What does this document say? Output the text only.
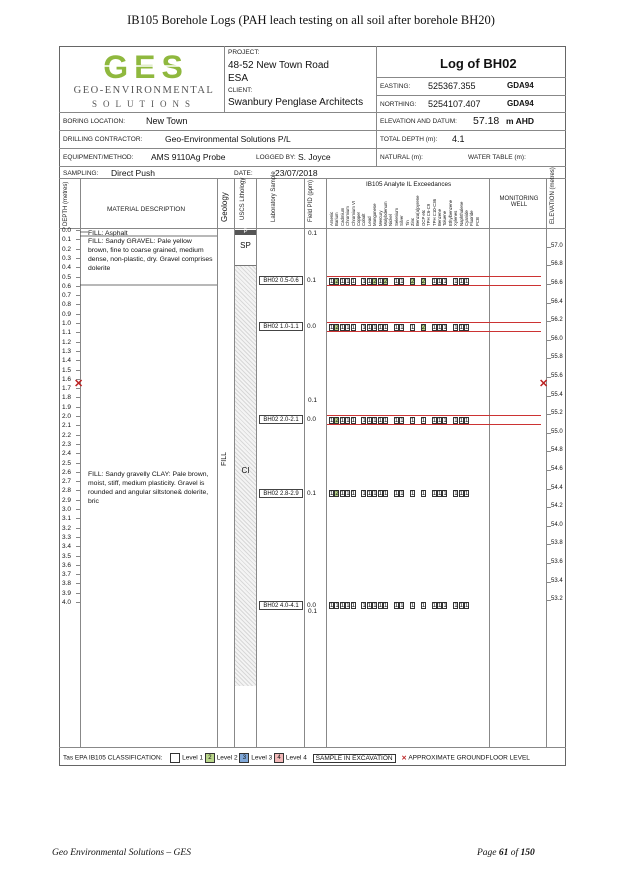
IB105 Borehole Logs (PAH leach testing on all soil after borehole BH20)
GES
GEO-ENVIRONMENTAL
SOLUTIONS
PROJECT:
48-52 New Town Road
ESA
CLIENT:
Swanbury Penglase Architects
Log of BH02
EASTING: 525367.355	GDA94
NORTHING: 5254107.407	GDA94
BORING LOCATION: New Town	ELEVATION AND DATUM: 57.18 m AHD
DRILLING CONTRACTOR:	Geo-Environmental Solutions P/L	TOTAL DEPTH (m): 4.1
EQUIPMENT/METHOD: AMS 9110Ag Probe	LOGGED BY: S. Joyce	NATURAL (m):	WATER TABLE (m):
SAMPLING: Direct Push	DATE:	23/07/2018
DEPTH (metres)	MATERIAL DESCRIPTION	Geology USCS Lithology	Laboratory Sample	Field PID (ppm)	IB105 Analyte IL Exceedances
MONITORING WELL	ELEVATION (metres)
Arsenic Barium Cadmium Chromium Chromium VI Copper Cobalt Lead Manganese Mercury Molybdenum Nickel Selenium Silver Tin Zinc Benzo(a)pyrene OCP etc TPH C6-C9 TPH C10-C36 Benzene Toluene Ethylbenzene Xylenes Naphthalene Cyanide Fluoride PCB
P
SP
CI
FILL
FILL: Asphalt
FILL: Sandy GRAVEL: Pale yellow brown, fine to coarse grained, medium dense, non-plastic, dry. Gravel comprises dolerite
FILL: Sandy gravelly CLAY: Pale brown, moist, stiff, medium plasticity. Gravel is rounded and angular siltstone& dolerite, bric
0.0
0.1
0.2
0.3
0.4
0.5
0.6
0.7
0.8
0.9
1.0
1.1
1.2
1.3
1.4
1.5
1.6
1.7
1.8
1.9
2.0
2.1
2.2
2.3
2.4
2.5
2.6
2.7
2.8
2.9
3.0
3.1
3.2
3.3
3.4
3.5
3.6
3.7
3.8
3.9
4.0
57.0
56.8
56.6
56.4
56.2
56.0
55.8
55.6
55.4
55.2
55.0
54.8
54.6
54.4
54.2
54.0
53.8
53.6
53.4
53.2
BH02 0.5-0.6	0.1 1 2 1 1 1 1 1 2 1 2 1 1 2 2 1 1 1 1 1 1
BH02 1.0-1.1	0.0 1 2 1 1 1 1 1 1 1 1 1 1 1 2 1 1 1 1 1 1
BH02 2.0-2.1	0.0 1 2 1 1 1 1 1 1 1 1 1 1 1 1 1 1 1 1 1 1
BH02 2.8-2.9	0.1 1 2 1 1 1 1 1 1 1 1 1 1 1 1 1 1 1 1 1 1
BH02 4.0-4.1	0.0 1 1 1 1 1 1 1 1 1 1 1 1 1 1 1 1 1 1 1 1
0.1
0.1
0.1
✕	✕
Tas EPA IB105 CLASSIFICATION:	Level 1 2 Level 2 3 Level 3 4 Level 4 SAMPLE IN EXCAVATION ✕ APPROXIMATE GROUNDFLOOR LEVEL
Geo Environmental Solutions – GES	Page 61 of 150
